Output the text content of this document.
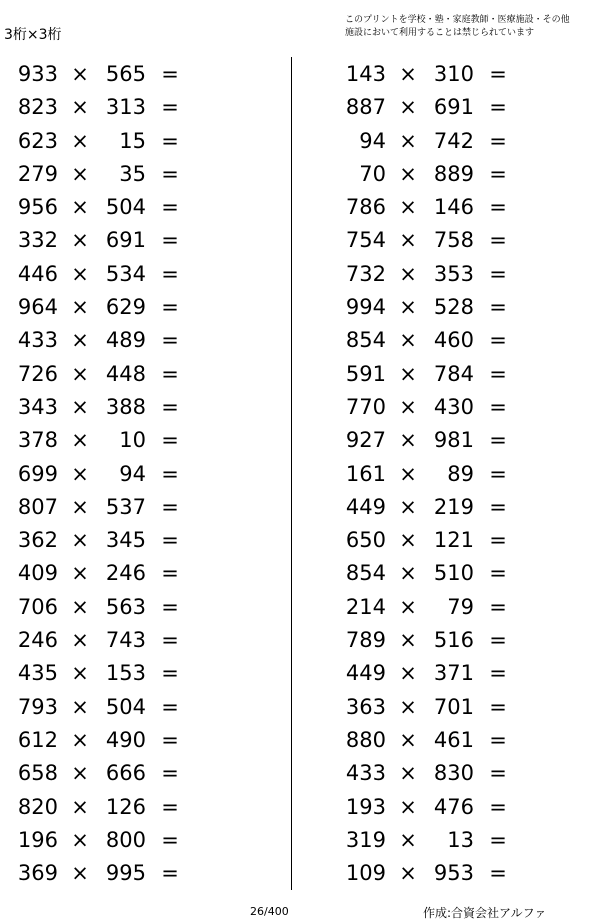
3桁×3桁
このプリントを学校・塾・家庭教師・医療施設・その他
施設において利用することは禁じられています
933 × 565 =
823 × 313 =
623 ×	15 =
279 ×	35 =
956 × 504 =
332 × 691 =
446 × 534 =
964 × 629 =
433 × 489 =
726 × 448 =
343 × 388 =
378 ×	10 =
699 ×	94 =
807 × 537 =
362 × 345 =
409 × 246 =
706 × 563 =
246 × 743 =
435 × 153 =
793 × 504 =
612 × 490 =
658 × 666 =
820 × 126 =
196 × 800 =
369 × 995 =
143 × 310 =
887 × 691 =
94 × 742 =
70 × 889 =
786 × 146 =
754 × 758 =
732 × 353 =
994 × 528 =
854 × 460 =
591 × 784 =
770 × 430 =
927 × 981 =
161 ×	89 =
449 × 219 =
650 × 121 =
854 × 510 =
214 ×	79 =
789 × 516 =
449 × 371 =
363 × 701 =
880 × 461 =
433 × 830 =
193 × 476 =
319 ×	13 =
109 × 953 =
26/400	作成:合資会社アルファ
